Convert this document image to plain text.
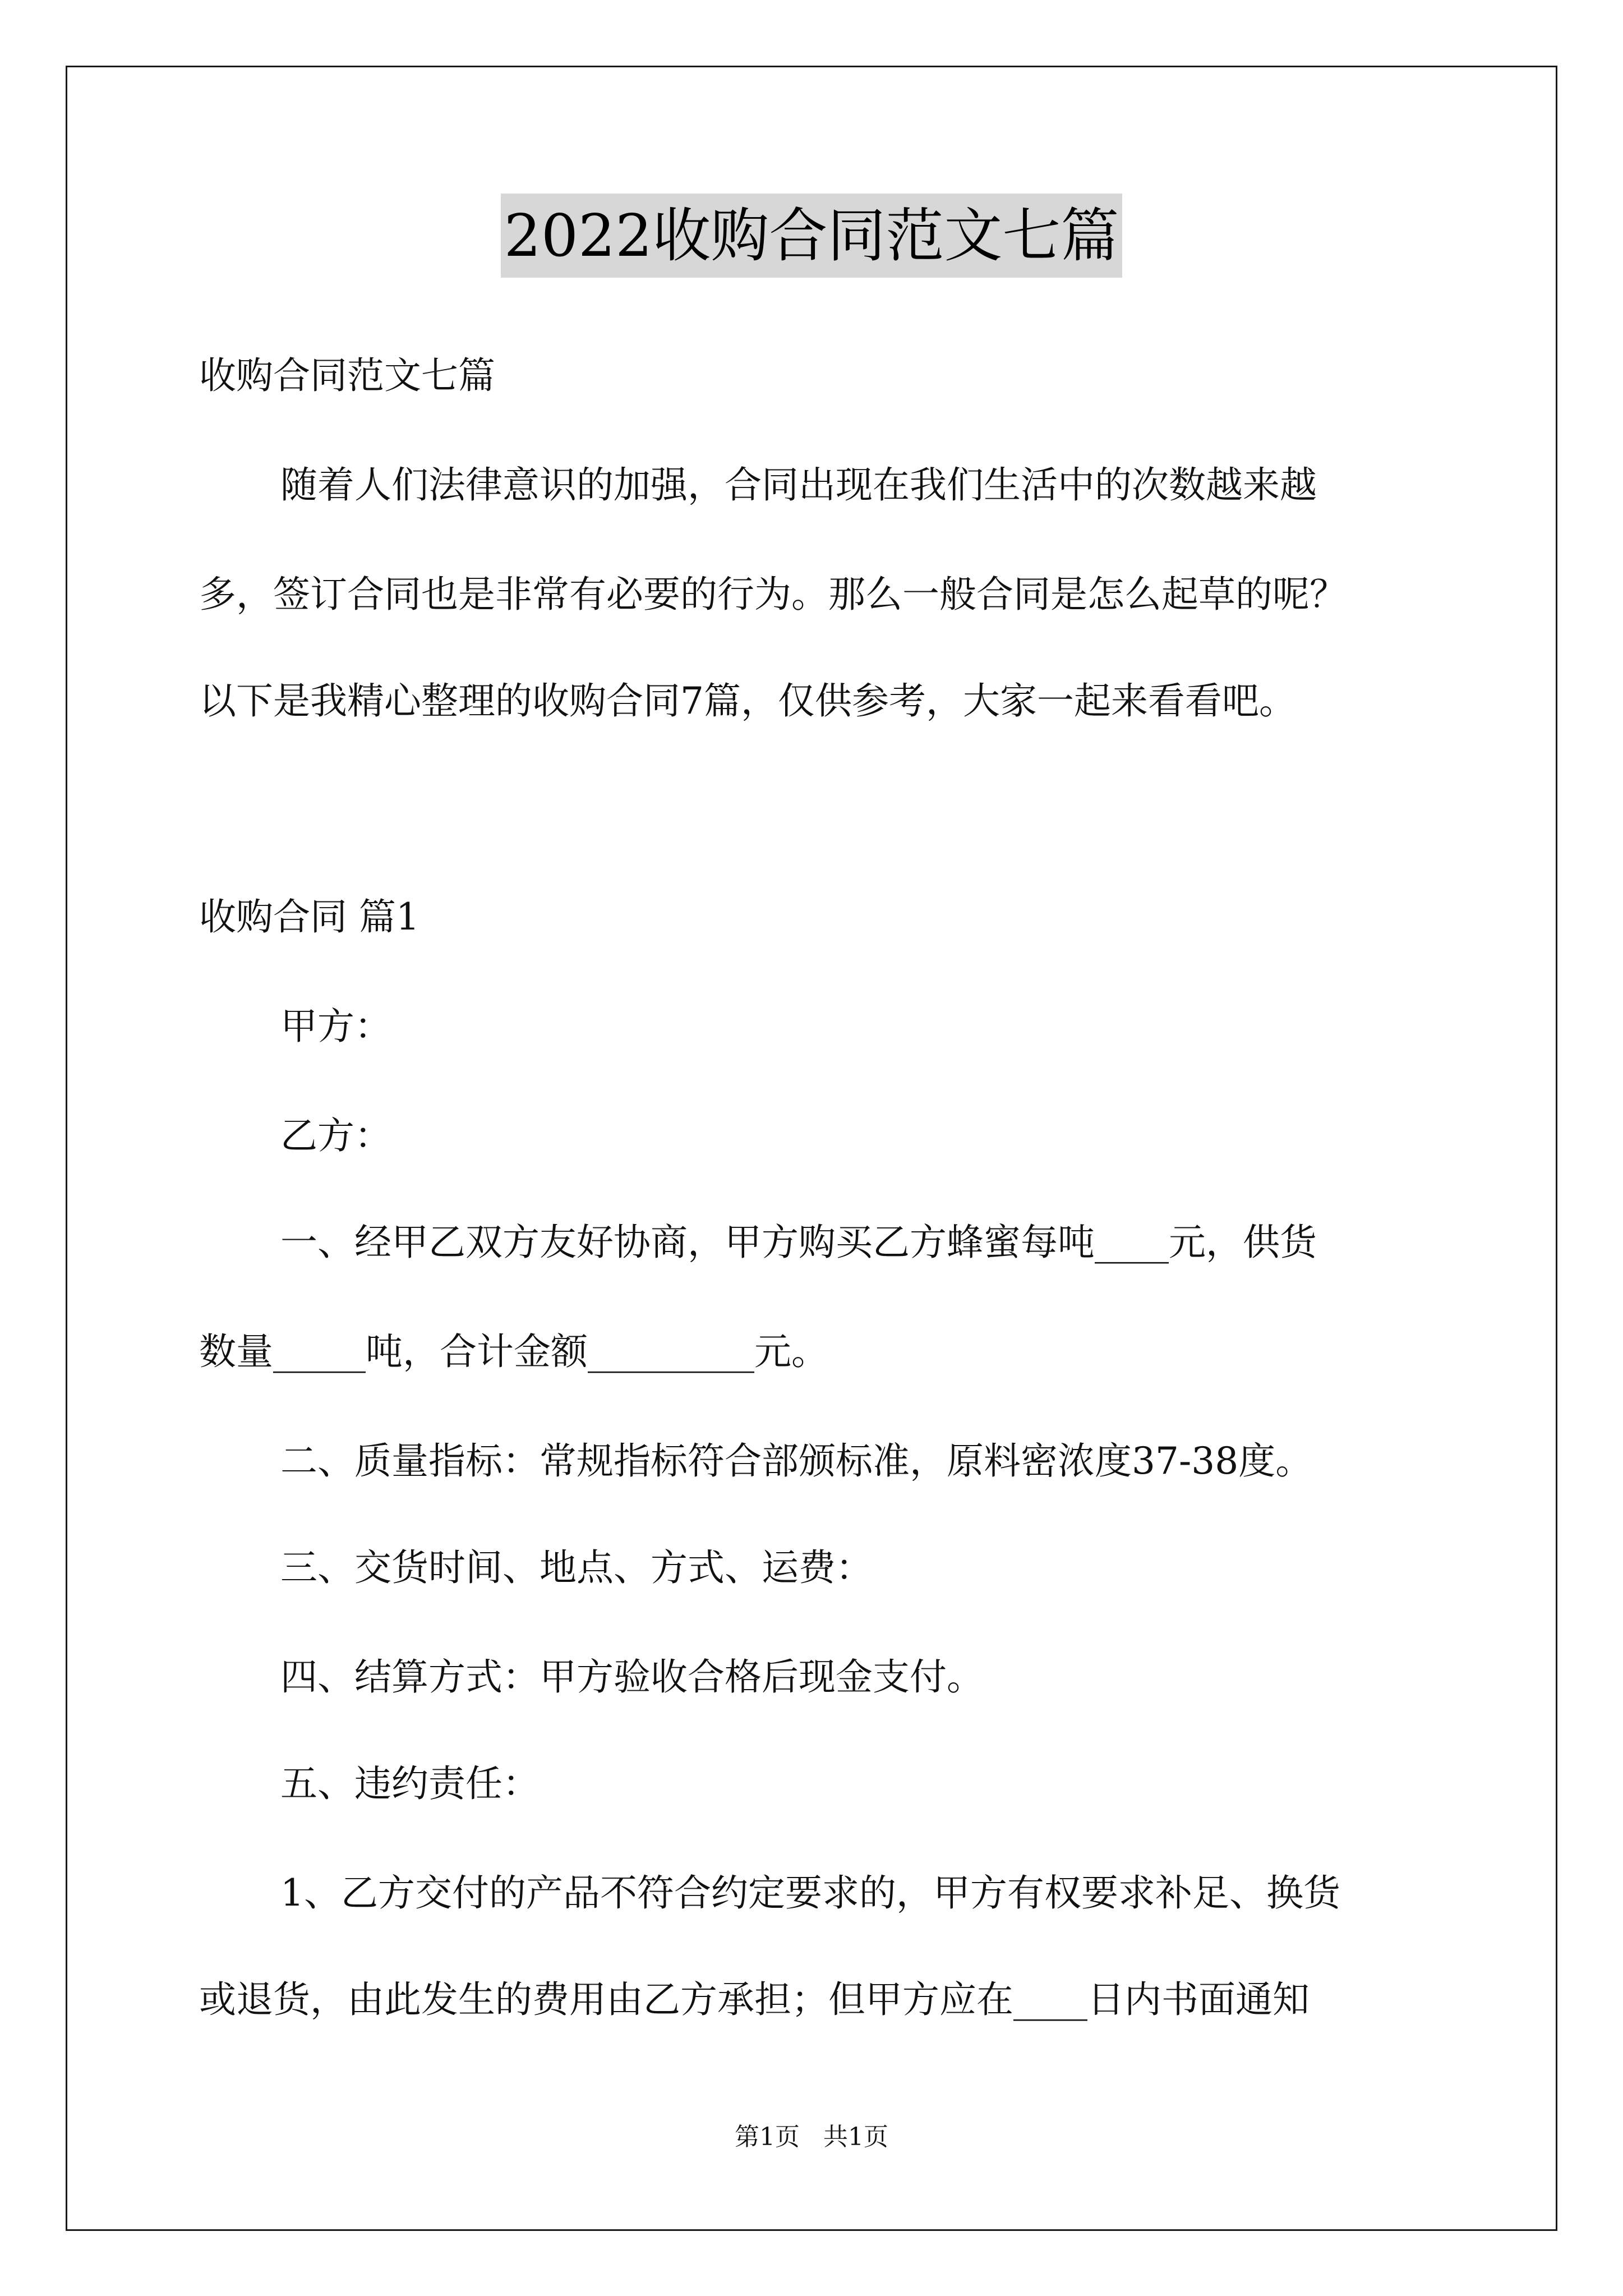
2022收购合同范文七篇
收购合同范文七篇
随着人们法律意识的加强，合同出现在我们生活中的次数越来越
多，签订合同也是非常有必要的行为。那么一般合同是怎么起草的呢？
以下是我精心整理的收购合同7篇，仅供参考，大家一起来看看吧。
收购合同 篇1
甲方：
乙方：
一、经甲乙双方友好协商，甲方购买乙方蜂蜜每吨____元，供货
数量_____吨，合计金额_________元。
二、质量指标：常规指标符合部颁标准，原料密浓度37-38度。
三、交货时间、地点、方式、运费：
四、结算方式：甲方验收合格后现金支付。
五、违约责任：
1、乙方交付的产品不符合约定要求的，甲方有权要求补足、换货
或退货，由此发生的费用由乙方承担；但甲方应在____日内书面通知
第1页 共1页
